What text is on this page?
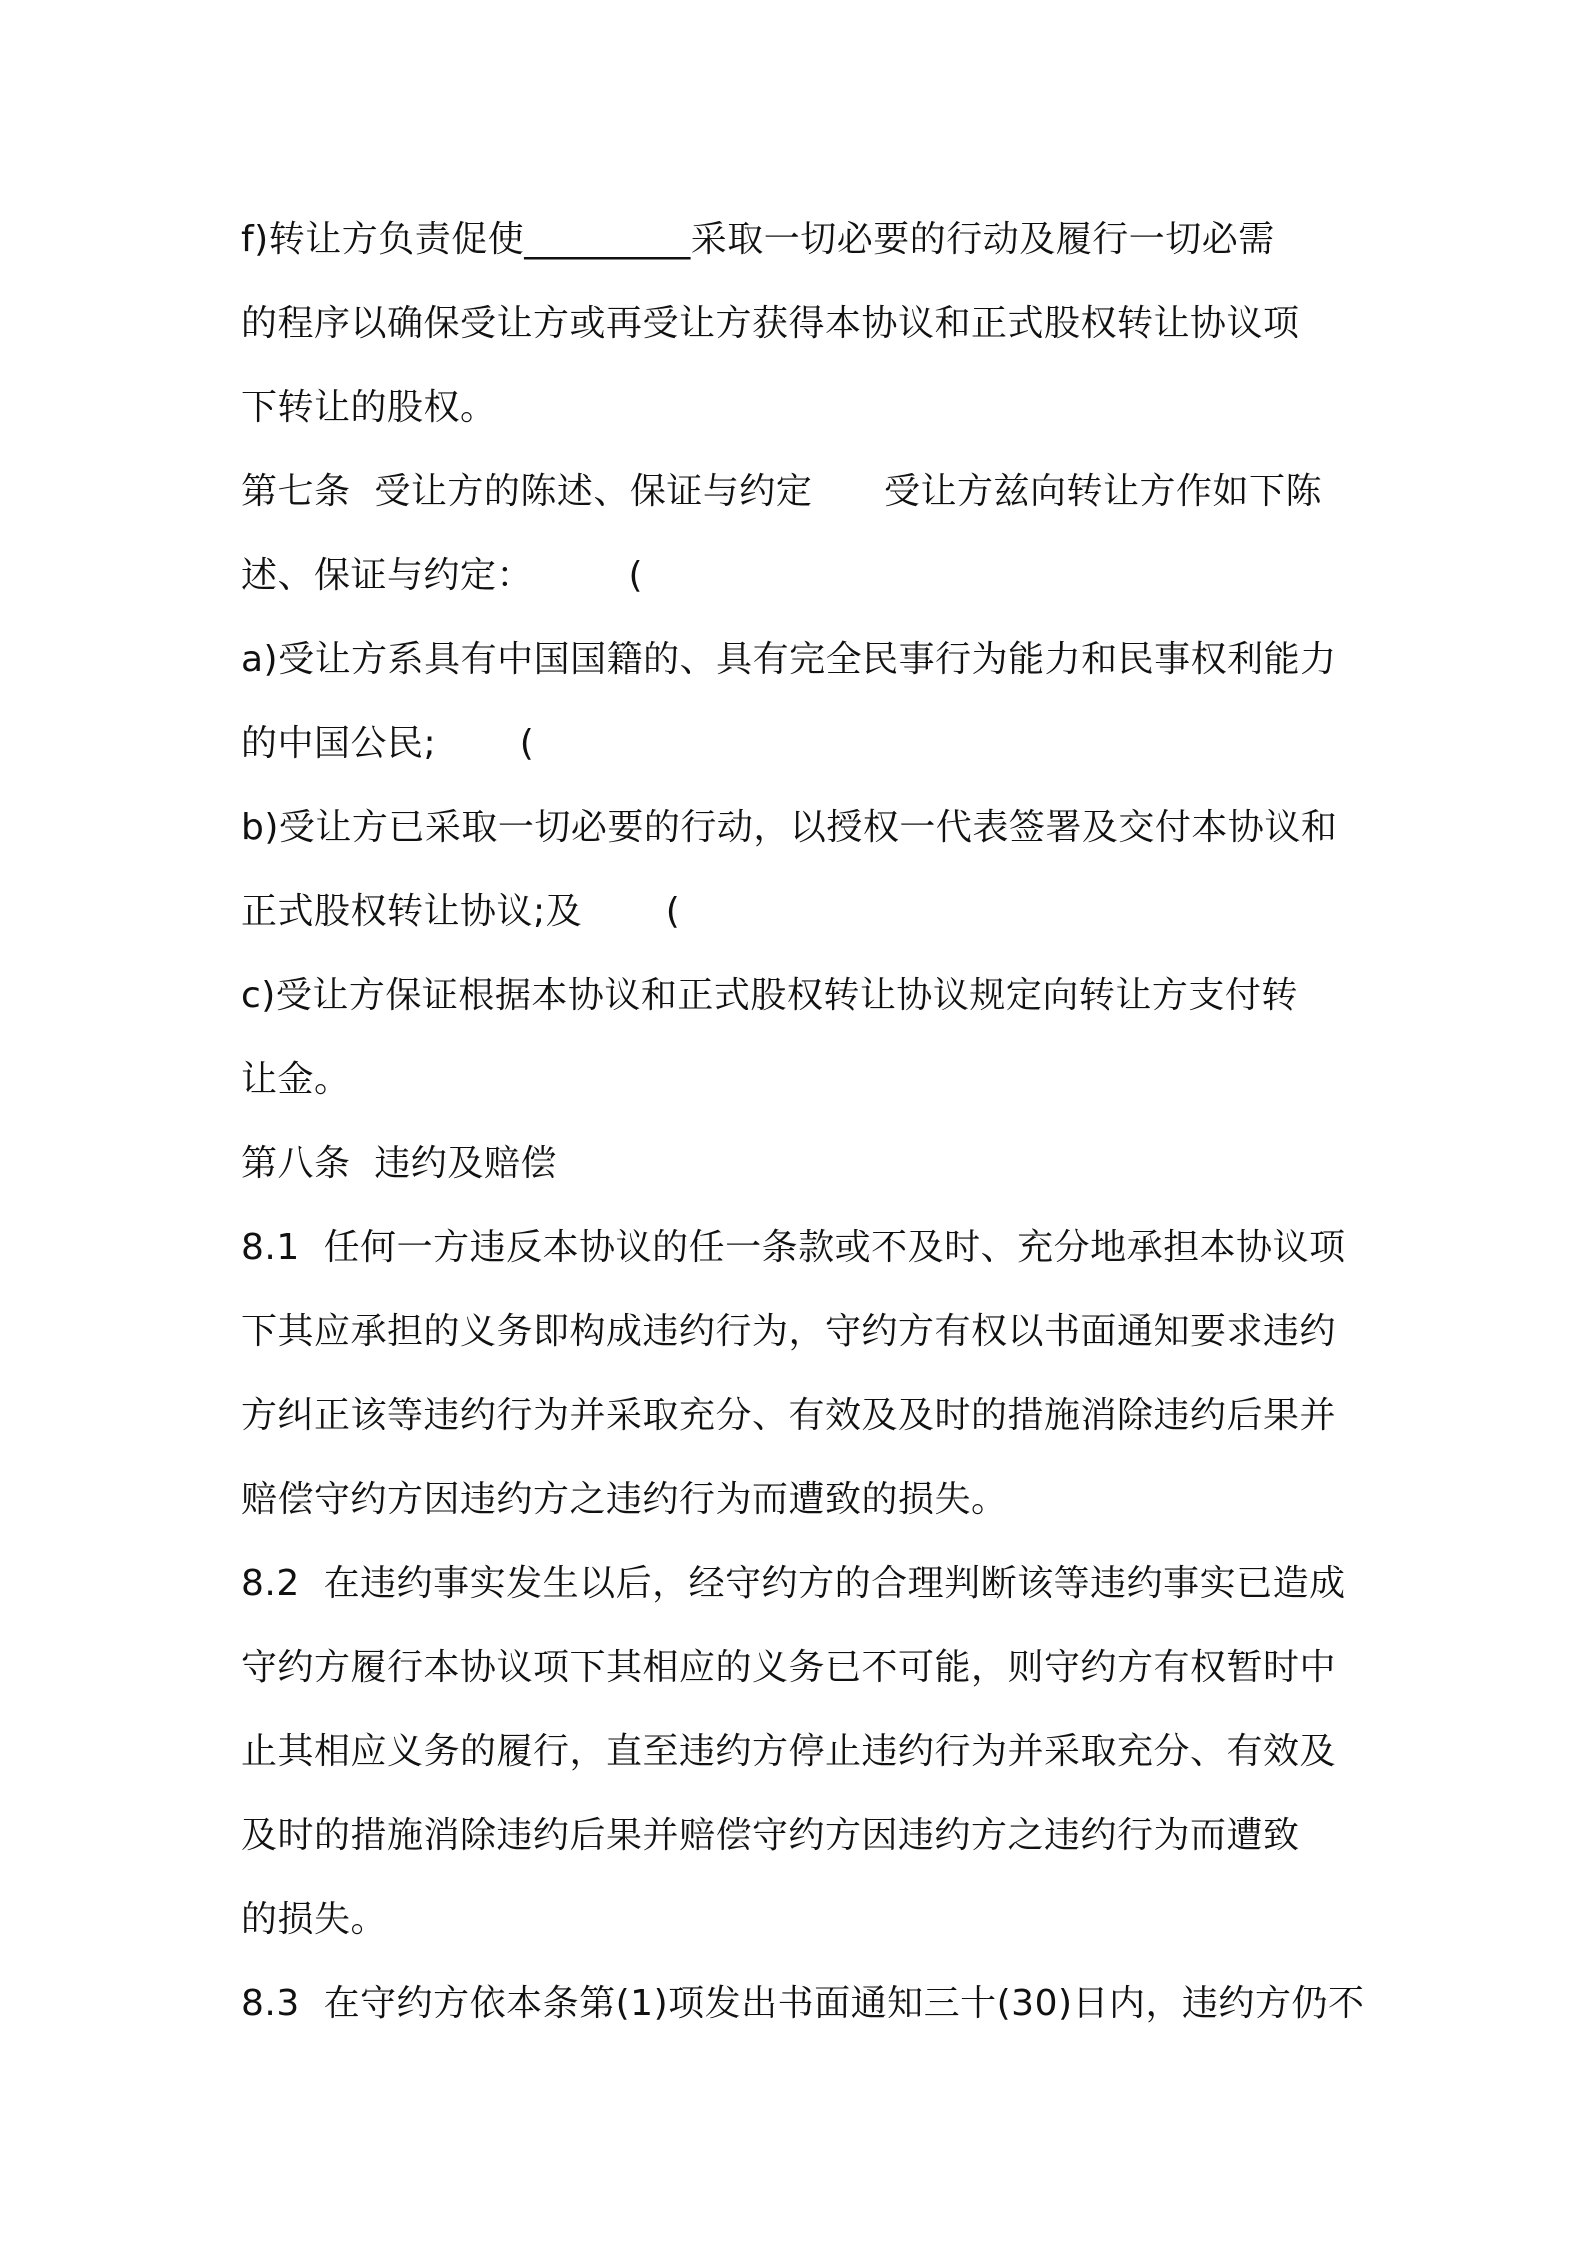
f)转让方负责促使_________采取一切必要的行动及履行一切必需
的程序以确保受让方或再受让方获得本协议和正式股权转让协议项
下转让的股权。
第七条  受让方的陈述、保证与约定      受让方兹向转让方作如下陈
述、保证与约定：        (
a)受让方系具有中国国籍的、具有完全民事行为能力和民事权利能力
的中国公民;       (
b)受让方已采取一切必要的行动，以授权一代表签署及交付本协议和
正式股权转让协议;及       (
c)受让方保证根据本协议和正式股权转让协议规定向转让方支付转
让金。
第八条  违约及赔偿
8.1  任何一方违反本协议的任一条款或不及时、充分地承担本协议项
下其应承担的义务即构成违约行为，守约方有权以书面通知要求违约
方纠正该等违约行为并采取充分、有效及及时的措施消除违约后果并
赔偿守约方因违约方之违约行为而遭致的损失。
8.2  在违约事实发生以后，经守约方的合理判断该等违约事实已造成
守约方履行本协议项下其相应的义务已不可能，则守约方有权暂时中
止其相应义务的履行，直至违约方停止违约行为并采取充分、有效及
及时的措施消除违约后果并赔偿守约方因违约方之违约行为而遭致
的损失。
8.3  在守约方依本条第(1)项发出书面通知三十(30)日内，违约方仍不
